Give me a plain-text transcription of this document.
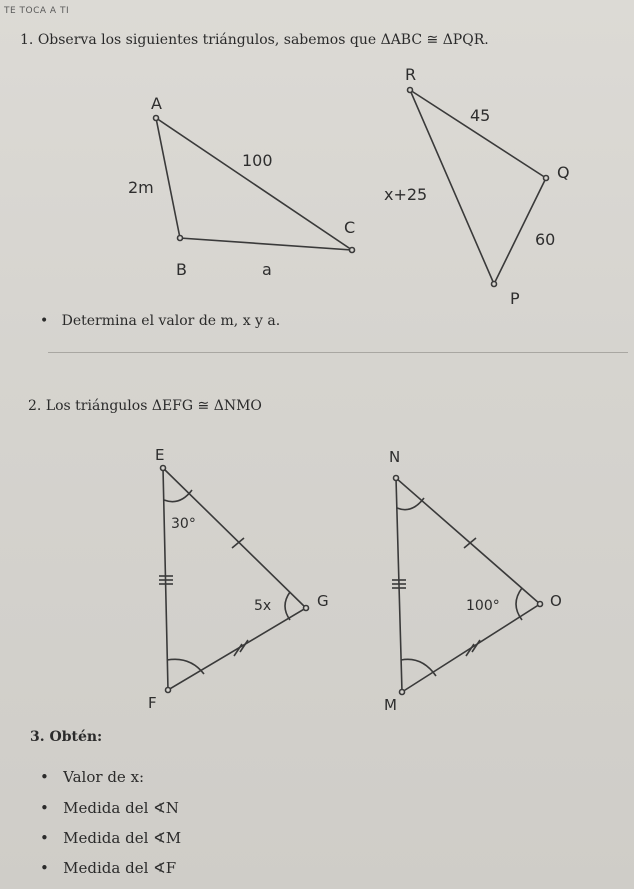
TE TOCA A TI
1. Observa los siguientes triángulos, sabemos que ΔABC ≅ ΔPQR.
• Determina el valor de m, x y a.
2. Los triángulos ΔEFG ≅ ΔNMO
3. Obtén:
•   Valor de x:
•   Medida del ∢N
•   Medida del ∢M
•   Medida del ∢F
A
B
C
2m
100
a
R
Q
P
45
x+25
60
E
F
G
30°
5x
N
M
O
100°
